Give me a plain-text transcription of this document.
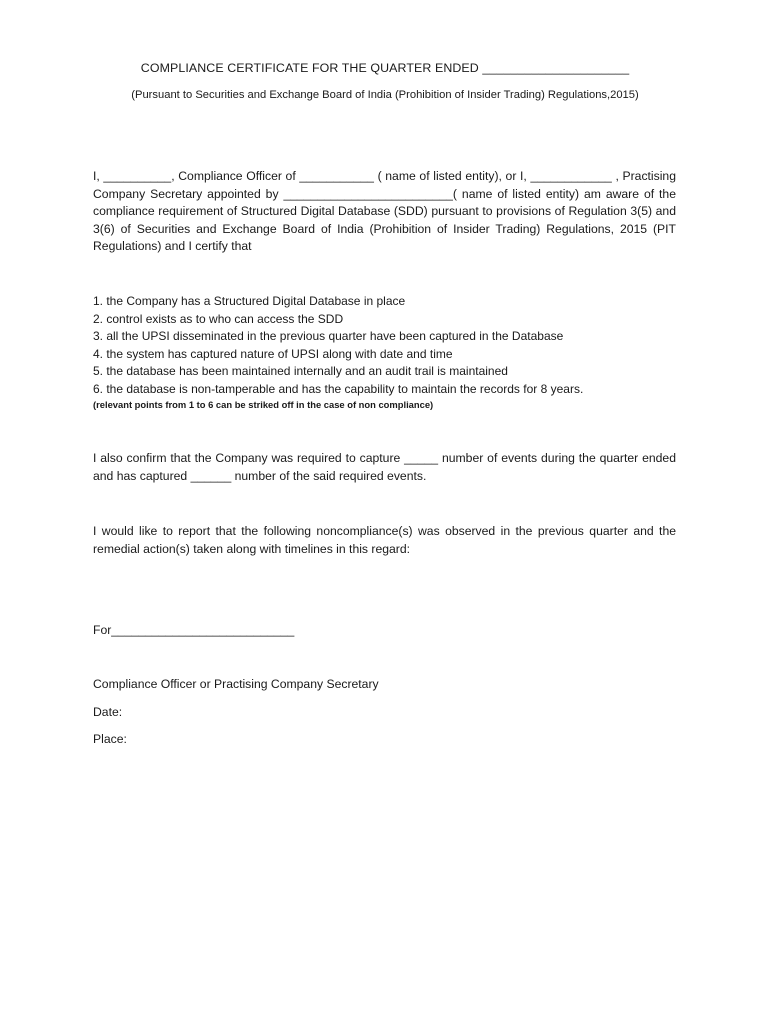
COMPLIANCE CERTIFICATE FOR THE QUARTER ENDED _____________________
(Pursuant to Securities and Exchange Board of India (Prohibition of Insider Trading) Regulations,2015)
I, __________, Compliance Officer of ___________ ( name of listed entity), or I, ____________ , Practising Company Secretary appointed by _________________________( name of listed entity) am aware of the compliance requirement of Structured Digital Database (SDD) pursuant to provisions of Regulation 3(5) and 3(6) of Securities and Exchange Board of India (Prohibition of Insider Trading) Regulations, 2015 (PIT Regulations) and I certify that
1. the Company has a Structured Digital Database in place
2. control exists as to who can access the SDD
3. all the UPSI disseminated in the previous quarter have been captured in the Database
4. the system has captured nature of UPSI along with date and time
5. the database has been maintained internally and an audit trail is maintained
6. the database is non-tamperable and has the capability to maintain the records for 8 years.
(relevant points from 1 to 6 can be striked off in the case of non compliance)
I also confirm that the Company was required to capture _____ number of events during the quarter ended and has captured ______ number of the said required events.
I would like to report that the following noncompliance(s) was observed in the previous quarter and the remedial action(s) taken along with timelines in this regard:
For___________________________
Compliance Officer or Practising Company Secretary
Date:
Place:
